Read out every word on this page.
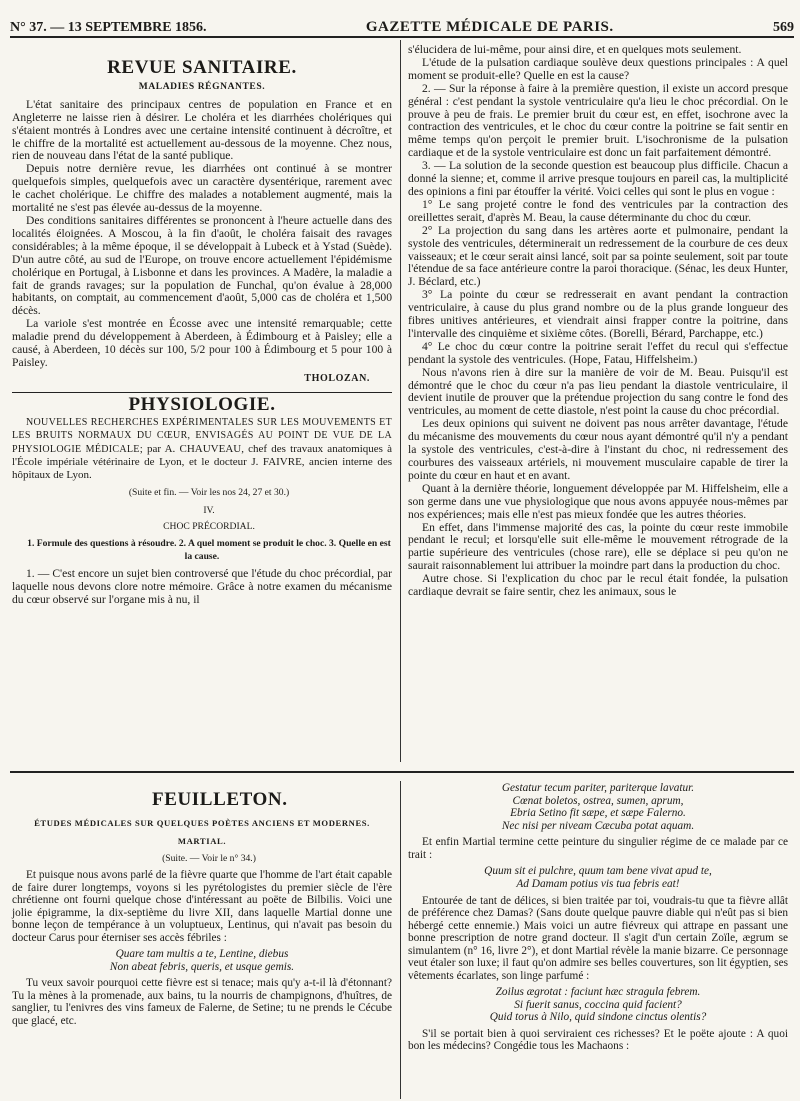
N° 37. — 13 SEPTEMBRE 1856.	GAZETTE MÉDICALE DE PARIS.	569
REVUE SANITAIRE.
MALADIES RÉGNANTES.

L'état sanitaire des principaux centres de population en France et en Angleterre ne laisse rien à désirer. Le choléra et les diarrhées cholériques qui s'étaient montrés à Londres avec une certaine intensité continuent à décroître, et le chiffre de la mortalité est actuellement au-dessous de la moyenne. Chez nous, rien de nouveau dans l'état de la santé publique.

Depuis notre dernière revue, les diarrhées ont continué à se montrer quelquefois simples, quelquefois avec un caractère dysentérique, rarement avec le cachet cholérique. Le chiffre des malades a notablement augmenté, mais la mortalité ne s'est pas élevée au-dessus de la moyenne.

Des conditions sanitaires différentes se prononcent à l'heure actuelle dans des localités éloignées. A Moscou, à la fin d'août, le choléra faisait des ravages considérables; à la même époque, il se développait à Lubeck et à Ystad (Suède). D'un autre côté, au sud de l'Europe, on trouve encore actuellement l'épidémisme cholérique en Portugal, à Lisbonne et dans les provinces. A Madère, la maladie a fait de grands ravages; sur la population de Funchal, qu'on évalue à 28,000 habitants, on comptait, au commencement d'août, 5,000 cas de choléra et 1,500 décès.

La variole s'est montrée en Écosse avec une intensité remarquable; cette maladie prend du développement à Aberdeen, à Édimbourg et à Paisley; elle a causé, à Aberdeen, 10 décès sur 100, 5/2 pour 100 à Édimbourg et 5 pour 100 à Paisley.

THOLOZAN.
PHYSIOLOGIE.

NOUVELLES RECHERCHES EXPÉRIMENTALES SUR LES MOUVEMENTS ET LES BRUITS NORMAUX DU CŒUR, ENVISAGÉS AU POINT DE VUE DE LA PHYSIOLOGIE MÉDICALE; par A. CHAUVEAU, chef des travaux anatomiques à l'École impériale vétérinaire de Lyon, et le docteur J. FAIVRE, ancien interne des hôpitaux de Lyon.

(Suite et fin. — Voir les nos 24, 27 et 30.)

IV.

CHOC PRÉCORDIAL.

1. Formule des questions à résoudre. 2. A quel moment se produit le choc. 3. Quelle en est la cause.

1. — C'est encore un sujet bien controversé que l'étude du choc précordial, par laquelle nous devons clore notre mémoire. Grâce à notre examen du mécanisme du cœur observé sur l'organe mis à nu, il

s'élucidera de lui-même, pour ainsi dire, et en quelques mots seulement.

L'étude de la pulsation cardiaque soulève deux questions principales : A quel moment se produit-elle? Quelle en est la cause?

2. — Sur la réponse à faire à la première question, il existe un accord presque général : c'est pendant la systole ventriculaire qu'a lieu le choc précordial. On le prouve à peu de frais. Le premier bruit du cœur est, en effet, isochrone avec la contraction des ventricules, et le choc du cœur contre la poitrine se fait sentir en même temps qu'on perçoit le premier bruit. L'isochronisme de la pulsation cardiaque et de la systole ventriculaire est donc un fait parfaitement démontré.

3. — La solution de la seconde question est beaucoup plus difficile. Chacun a donné la sienne; et, comme il arrive presque toujours en pareil cas, la multiplicité des opinions a fini par étouffer la vérité. Voici celles qui sont le plus en vogue :

1° Le sang projeté contre le fond des ventricules par la contraction des oreillettes serait, d'après M. Beau, la cause déterminante du choc du cœur.

2° La projection du sang dans les artères aorte et pulmonaire, pendant la systole des ventricules, déterminerait un redressement de la courbure de ces deux vaisseaux; et le cœur serait ainsi lancé, soit par sa pointe seulement, soit par toute l'étendue de sa face antérieure contre la paroi thoracique. (Sénac, les deux Hunter, J. Béclard, etc.)

3° La pointe du cœur se redresserait en avant pendant la contraction ventriculaire, à cause du plus grand nombre ou de la plus grande longueur des fibres unitives antérieures, et viendrait ainsi frapper contre la poitrine, dans l'intervalle des cinquième et sixième côtes. (Borelli, Bérard, Parchappe, etc.)

4° Le choc du cœur contre la poitrine serait l'effet du recul qui s'effectue pendant la systole des ventricules. (Hope, Fatau, Hiffelsheim.)

Nous n'avons rien à dire sur la manière de voir de M. Beau. Puisqu'il est démontré que le choc du cœur n'a pas lieu pendant la diastole ventriculaire, il devient inutile de prouver que la prétendue projection du sang contre le fond des ventricules, au moment de cette diastole, n'est point la cause du choc précordial.

Les deux opinions qui suivent ne doivent pas nous arrêter davantage, l'étude du mécanisme des mouvements du cœur nous ayant démontré qu'il n'y a pendant la systole des ventricules, c'est-à-dire à l'instant du choc, ni redressement des courbures des vaisseaux artériels, ni mouvement musculaire capable de tirer la pointe du cœur en haut et en avant.

Quant à la dernière théorie, longuement développée par M. Hiffelsheim, elle a son germe dans une vue physiologique que nous avons appuyée nous-mêmes par nos expériences; mais elle n'est pas mieux fondée que les autres théories.

En effet, dans l'immense majorité des cas, la pointe du cœur reste immobile pendant le recul; et lorsqu'elle suit elle-même le mouvement rétrograde de la partie supérieure des ventricules (chose rare), elle se déplace si peu qu'on ne saurait raisonnablement lui attribuer la moindre part dans la production du choc.

Autre chose. Si l'explication du choc par le recul était fondée, la pulsation cardiaque devrait se faire sentir, chez les animaux, sous le

FEUILLETON.
ÉTUDES MÉDICALES SUR QUELQUES POÈTES ANCIENS ET MODERNES.
MARTIAL.

(Suite. — Voir le n° 34.)

Et puisque nous avons parlé de la fièvre quarte que l'homme de l'art était capable de faire durer longtemps, voyons si les pyrétologistes du premier siècle de l'ère chrétienne ont fourni quelque chose d'intéressant au poëte de Bilbilis. Voici une jolie épigramme, la dix-septième du livre XII, dans laquelle Martial donne une bonne leçon de tempérance à un voluptueux, Lentinus, qui n'avait pas besoin du docteur Carus pour éterniser ses accès fébriles :

Quare tam multis a te, Lentine, diebus
Non abeat febris, queris, et usque gemis.

Tu veux savoir pourquoi cette fièvre est si tenace; mais qu'y a-t-il là d'étonnant? Tu la mènes à la promenade, aux bains, tu la nourris de champignons, d'huîtres, de sanglier, tu l'enivres des vins fameux de Falerne, de Setine; tu ne prends le Cécube que glacé, etc.

Gestatur tecum pariter, pariterque lavatur.
Cœnat boletos, ostrea, sumen, aprum,
Ebria Setino fit sæpe, et sæpe Falerno.
Nec nisi per niveam Cæcuba potat aquam.

Et enfin Martial termine cette peinture du singulier régime de ce malade par ce trait :

Quum sit ei pulchre, quum tam bene vivat apud te,
Ad Damam potius vis tua febris eat!

Entourée de tant de délices, si bien traitée par toi, voudrais-tu que ta fièvre allât de préférence chez Damas? (Sans doute quelque pauvre diable qui n'eût pas si bien hébergé cette ennemie.) Mais voici un autre fiévreux qui attrape en passant une bonne prescription de notre grand docteur. Il s'agit d'un certain Zoïle, ægrum se simulantem (n° 16, livre 2°), et dont Martial révèle la manie bizarre. Ce personnage veut étaler son luxe; il faut qu'on admire ses belles couvertures, son lit égyptien, ses vêtements écarlates, son linge parfumé :

Zoilus ægrotat : faciunt hæc stragula febrem.
Si fuerit sanus, coccina quid facient?
Quid torus à Nilo, quid sindone cinctus olentis?

S'il se portait bien à quoi serviraient ces richesses? Et le poëte ajoute : A quoi bon les médecins? Congédie tous les Machaons :
